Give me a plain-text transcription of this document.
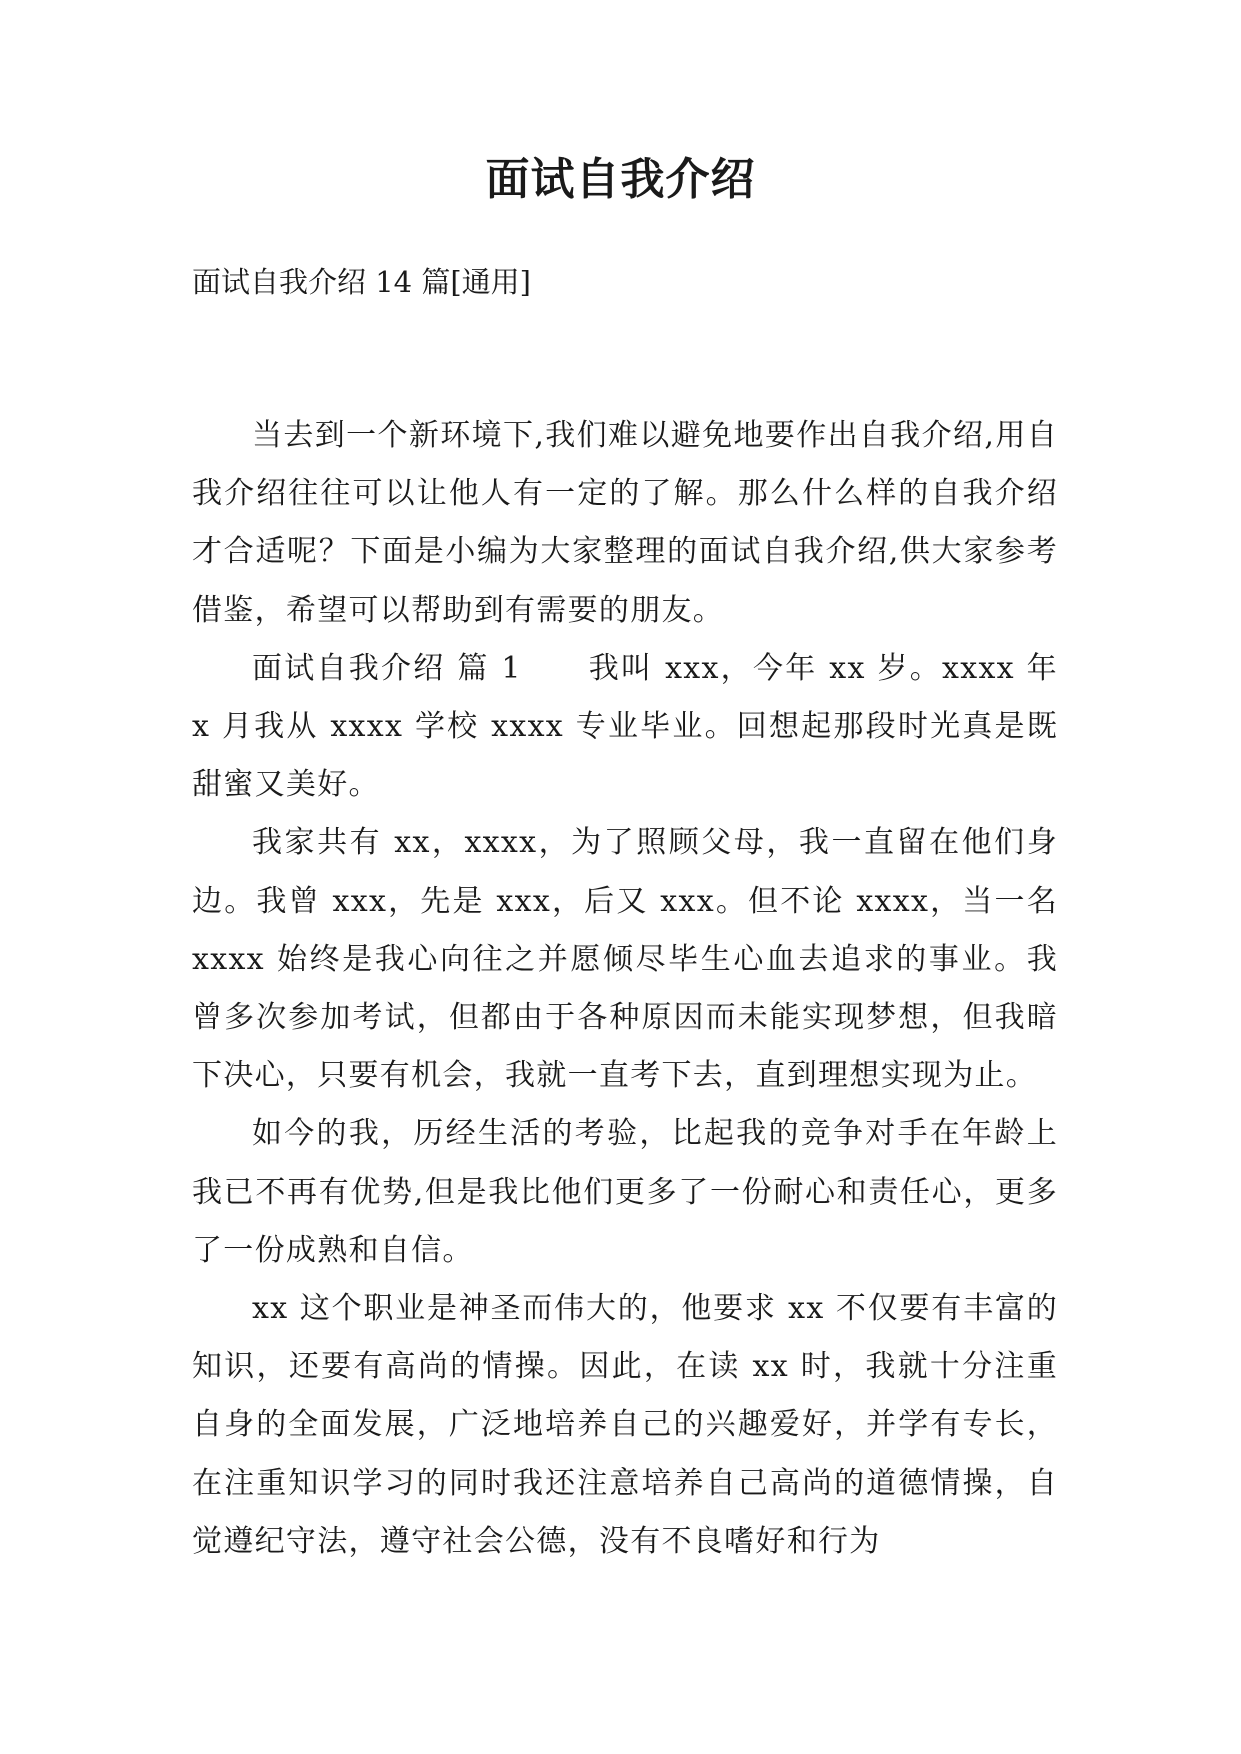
面试自我介绍

面试自我介绍 14 篇[通用]

当去到一个新环境下,我们难以避免地要作出自我介绍,用自我介绍往往可以让他人有一定的了解。那么什么样的自我介绍才合适呢？下面是小编为大家整理的面试自我介绍,供大家参考借鉴，希望可以帮助到有需要的朋友。

面试自我介绍 篇 1 我叫 xxx，今年 xx 岁。xxxx 年 x 月我从 xxxx 学校 xxxx 专业毕业。回想起那段时光真是既甜蜜又美好。

我家共有 xx，xxxx，为了照顾父母，我一直留在他们身边。我曾 xxx，先是 xxx，后又 xxx。但不论 xxxx，当一名 xxxx 始终是我心向往之并愿倾尽毕生心血去追求的事业。我曾多次参加考试，但都由于各种原因而未能实现梦想，但我暗下决心，只要有机会，我就一直考下去，直到理想实现为止。

如今的我，历经生活的考验，比起我的竞争对手在年龄上我已不再有优势,但是我比他们更多了一份耐心和责任心，更多了一份成熟和自信。

xx 这个职业是神圣而伟大的，他要求 xx 不仅要有丰富的知识，还要有高尚的情操。因此，在读 xx 时，我就十分注重自身的全面发展，广泛地培养自己的兴趣爱好，并学有专长，在注重知识学习的同时我还注意培养自己高尚的道德情操，自觉遵纪守法，遵守社会公德，没有不良嗜好和行为
